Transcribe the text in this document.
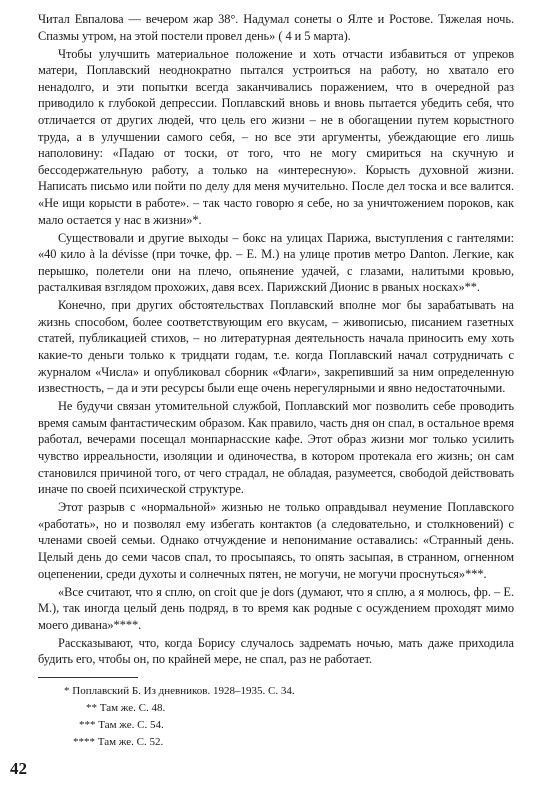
Читал Евпалова — вечером жар 38°. Надумал сонеты о Ялте и Ростове. Тяжелая ночь. Спазмы утром, на этой постели провел день» ( 4 и 5 марта).

Чтобы улучшить материальное положение и хоть отчасти избавиться от упреков матери, Поплавский неоднократно пытался устроиться на работу, но хватало его ненадолго, и эти попытки всегда заканчивались поражением, что в очередной раз приводило к глубокой депрессии. Поплавский вновь и вновь пытается убедить себя, что отличается от других людей, что цель его жизни – не в обогащении путем корыстного труда, а в улучшении самого себя, – но все эти аргументы, убеждающие его лишь наполовину: «Падаю от тоски, от того, что не могу смириться на скучную и бессодержательную работу, а только на «интересную». Корысть духовной жизни. Написать письмо или пойти по делу для меня мучительно. После дел тоска и все валится. «Не ищи корысти в работе». – так часто говорю я себе, но за уничтожением пороков, как мало остается у нас в жизни»*.

Существовали и другие выходы – бокс на улицах Парижа, выступления с гантелями: «40 кило à la dévisse (при точке, фр. – Е. М.) на улице против метро Danton. Легкие, как перышко, полетели они на плечо, опьянение удачей, с глазами, налитыми кровью, расталкивая взглядом прохожих, давя всех. Парижский Дионис в рваных носках»**.

Конечно, при других обстоятельствах Поплавский вполне мог бы зарабатывать на жизнь способом, более соответствующим его вкусам, – живописью, писанием газетных статей, публикацией стихов, – но литературная деятельность начала приносить ему хоть какие-то деньги только к тридцати годам, т.е. когда Поплавский начал сотрудничать с журналом «Числа» и опубликовал сборник «Флаги», закрепивший за ним определенную известность, – да и эти ресурсы были еще очень нерегулярными и явно недостаточными.

Не будучи связан утомительной службой, Поплавский мог позволить себе проводить время самым фантастическим образом. Как правило, часть дня он спал, в остальное время работал, вечерами посещал монпарнасские кафе. Этот образ жизни мог только усилить чувство ирреальности, изоляции и одиночества, в котором протекала его жизнь; он сам становился причиной того, от чего страдал, не обладая, разумеется, свободой действовать иначе по своей психической структуре.

Этот разрыв с «нормальной» жизнью не только оправдывал неумение Поплавского «работать», но и позволял ему избегать контактов (а следовательно, и столкновений) с членами своей семьи. Однако отчуждение и непонимание оставались: «Странный день. Целый день до семи часов спал, то просыпаясь, то опять засыпая, в странном, огненном оцепенении, среди духоты и солнечных пятен, не могучи, не могучи проснуться»***.

«Все считают, что я сплю, on croit que je dors (думают, что я сплю, а я молюсь, фр. – Е. М.), так иногда целый день подряд, в то время как родные с осуждением проходят мимо моего дивана»****.

Рассказывают, что, когда Борису случалось задремать ночью, мать даже приходила будить его, чтобы он, по крайней мере, не спал, раз не работает.

* Поплавский Б. Из дневников. 1928–1935. С. 34.
** Там же. С. 48.
*** Там же. С. 54.
**** Там же. С. 52.
42
